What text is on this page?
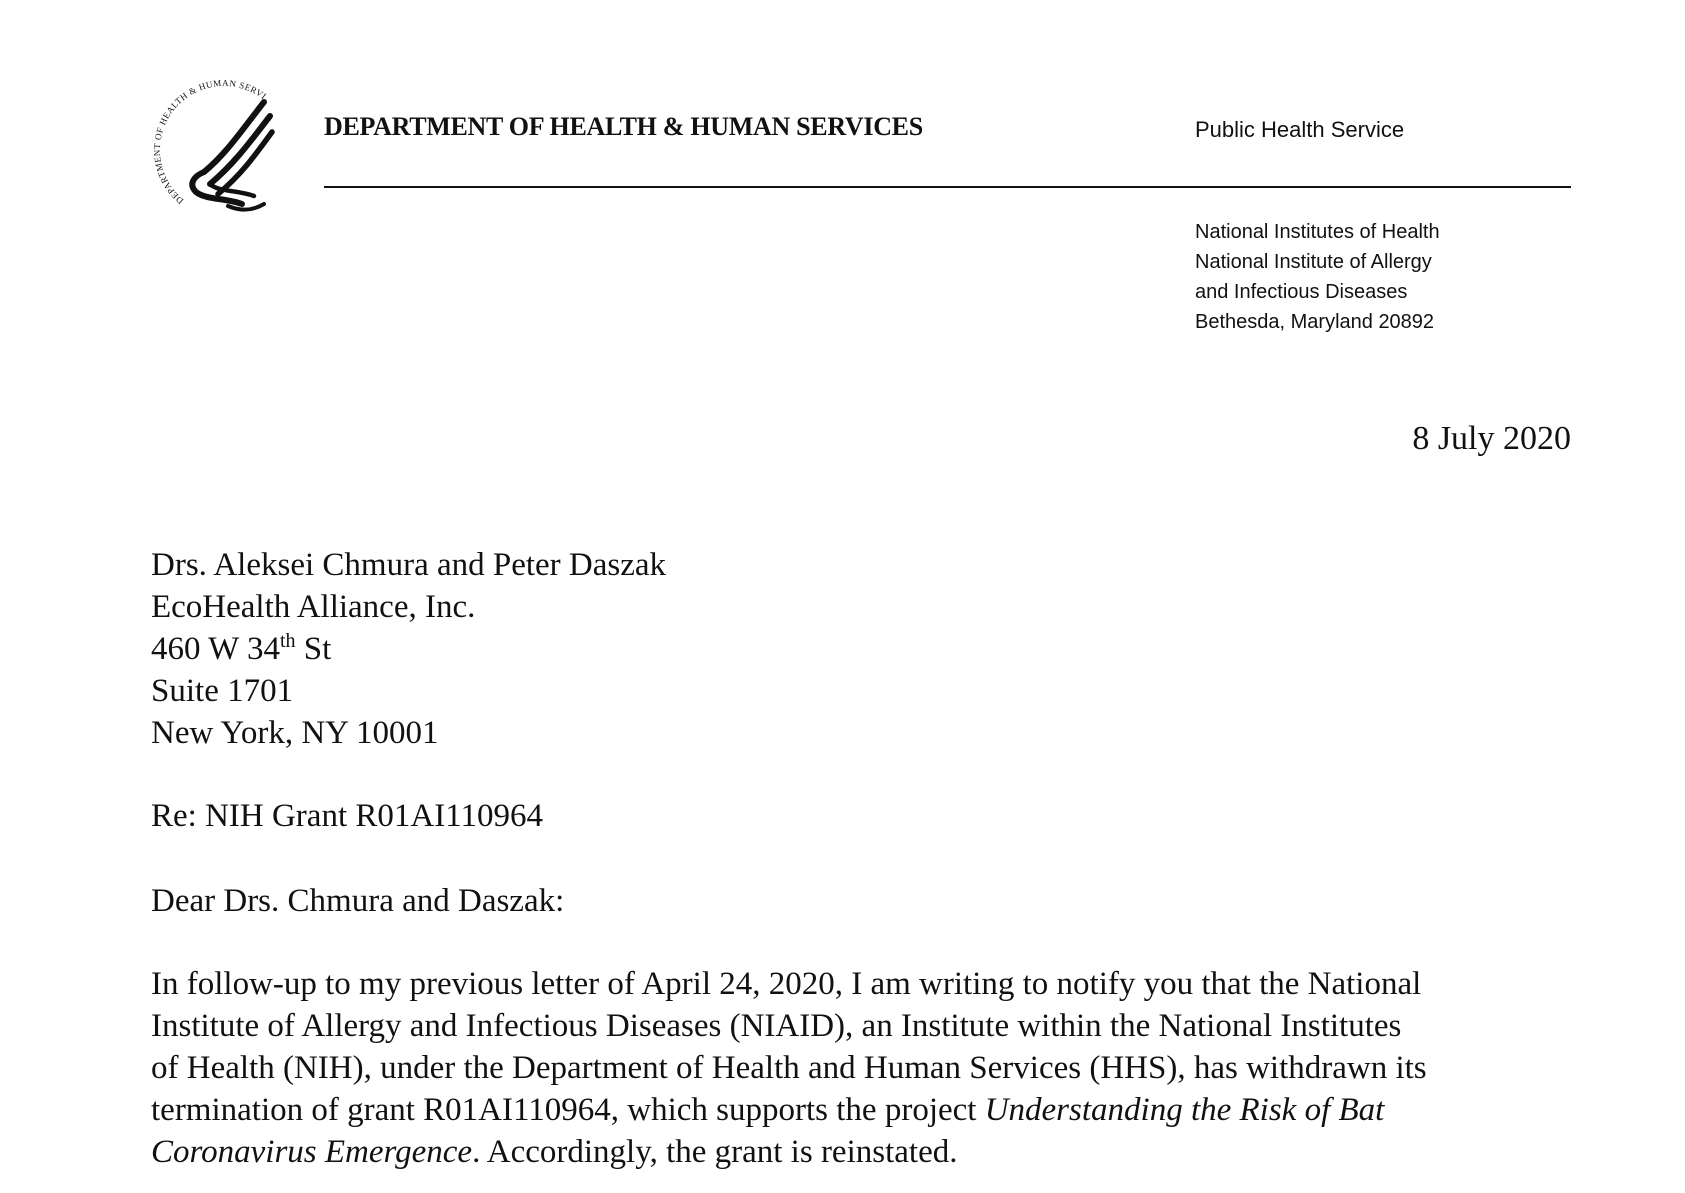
DEPARTMENT OF HEALTH & HUMAN SERVI
DEPARTMENT OF HEALTH & HUMAN SERVICES	Public Health Service
National Institutes of Health
National Institute of Allergy
and Infectious Diseases
Bethesda, Maryland 20892
8 July 2020
Drs. Aleksei Chmura and Peter Daszak
EcoHealth Alliance, Inc.
460 W 34th St
Suite 1701
New York, NY 10001
Re: NIH Grant R01AI110964
Dear Drs. Chmura and Daszak:
In follow-up to my previous letter of April 24, 2020, I am writing to notify you that the National
Institute of Allergy and Infectious Diseases (NIAID), an Institute within the National Institutes
of Health (NIH), under the Department of Health and Human Services (HHS), has withdrawn its
termination of grant R01AI110964, which supports the project Understanding the Risk of Bat
Coronavirus Emergence. Accordingly, the grant is reinstated.
